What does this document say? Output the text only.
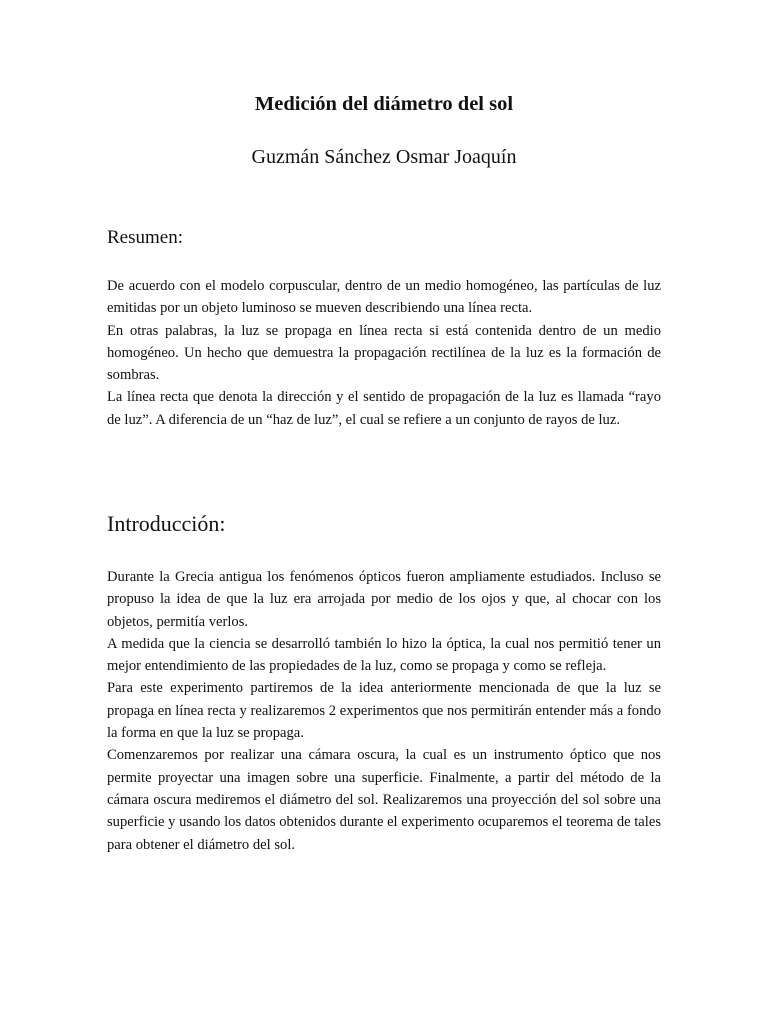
Medición del diámetro del sol
Guzmán Sánchez Osmar Joaquín
Resumen:

De acuerdo con el modelo corpuscular, dentro de un medio homogéneo, las partículas de luz emitidas por un objeto luminoso se mueven describiendo una línea recta.

En otras palabras, la luz se propaga en línea recta si está contenida dentro de un medio homogéneo. Un hecho que demuestra la propagación rectilínea de la luz es la formación de sombras.

La línea recta que denota la dirección y el sentido de propagación de la luz es llamada “rayo de luz”. A diferencia de un “haz de luz”, el cual se refiere a un conjunto de rayos de luz.

Introducción:

Durante la Grecia antigua los fenómenos ópticos fueron ampliamente estudiados. Incluso se propuso la idea de que la luz era arrojada por medio de los ojos y que, al chocar con los objetos, permitía verlos.

A medida que la ciencia se desarrolló también lo hizo la óptica, la cual nos permitió tener un mejor entendimiento de las propiedades de la luz, como se propaga y como se refleja.

Para este experimento partiremos de la idea anteriormente mencionada de que la luz se propaga en línea recta y realizaremos 2 experimentos que nos permitirán entender más a fondo la forma en que la luz se propaga.

Comenzaremos por realizar una cámara oscura, la cual es un instrumento óptico que nos permite proyectar una imagen sobre una superficie. Finalmente, a partir del método de la cámara oscura mediremos el diámetro del sol. Realizaremos una proyección del sol sobre una superficie y usando los datos obtenidos durante el experimento ocuparemos el teorema de tales para obtener el diámetro del sol.
